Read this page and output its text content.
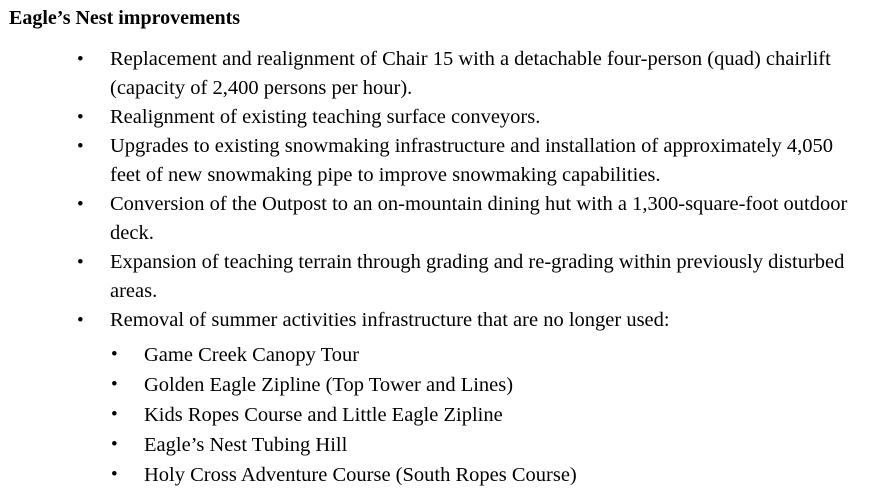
Eagle’s Nest improvements
• Replacement and realignment of Chair 15 with a detachable four-person (quad) chairlift (capacity of 2,400 persons per hour).
• Realignment of existing teaching surface conveyors.
• Upgrades to existing snowmaking infrastructure and installation of approximately 4,050 feet of new snowmaking pipe to improve snowmaking capabilities.
• Conversion of the Outpost to an on-mountain dining hut with a 1,300-square-foot outdoor deck.
• Expansion of teaching terrain through grading and re-grading within previously disturbed areas.
• Removal of summer activities infrastructure that are no longer used:
• Game Creek Canopy Tour
• Golden Eagle Zipline (Top Tower and Lines)
• Kids Ropes Course and Little Eagle Zipline
• Eagle’s Nest Tubing Hill
• Holy Cross Adventure Course (South Ropes Course)
